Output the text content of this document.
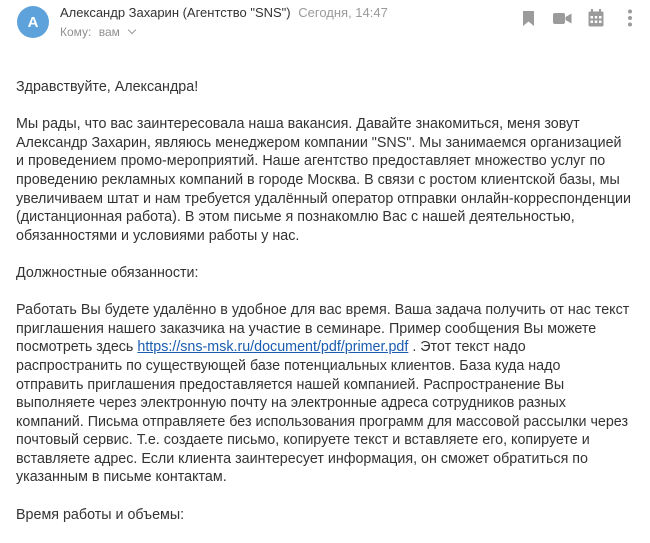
А
Александр Захарин (Агентство "SNS") Сегодня, 14:47
Кому: вам

Здравствуйте, Александра!

Мы рады, что вас заинтересовала наша вакансия. Давайте знакомиться, меня зовут Александр Захарин, являюсь менеджером компании "SNS". Мы занимаемся организацией и проведением промо-мероприятий. Наше агентство предоставляет множество услуг по проведению рекламных компаний в городе Москва. В связи с ростом клиентской базы, мы увеличиваем штат и нам требуется удалённый оператор отправки онлайн-корреспонденции (дистанционная работа). В этом письме я познакомлю Вас с нашей деятельностью, обязанностями и условиями работы у нас.

Должностные обязанности:

Работать Вы будете удалённо в удобное для вас время. Ваша задача получить от нас текст приглашения нашего заказчика на участие в семинаре. Пример сообщения Вы можете посмотреть здесь https://sns-msk.ru/document/pdf/primer.pdf . Этот текст надо распространить по существующей базе потенциальных клиентов. База куда надо отправить приглашения предоставляется нашей компанией. Распространение Вы выполняете через электронную почту на электронные адреса сотрудников разных компаний. Письма отправляете без использования программ для массовой рассылки через почтовый сервис. Т.е. создаете письмо, копируете текст и вставляете его, копируете и вставляете адрес. Если клиента заинтересует информация, он сможет обратиться по указанным в письме контактам.

Время работы и объемы:
